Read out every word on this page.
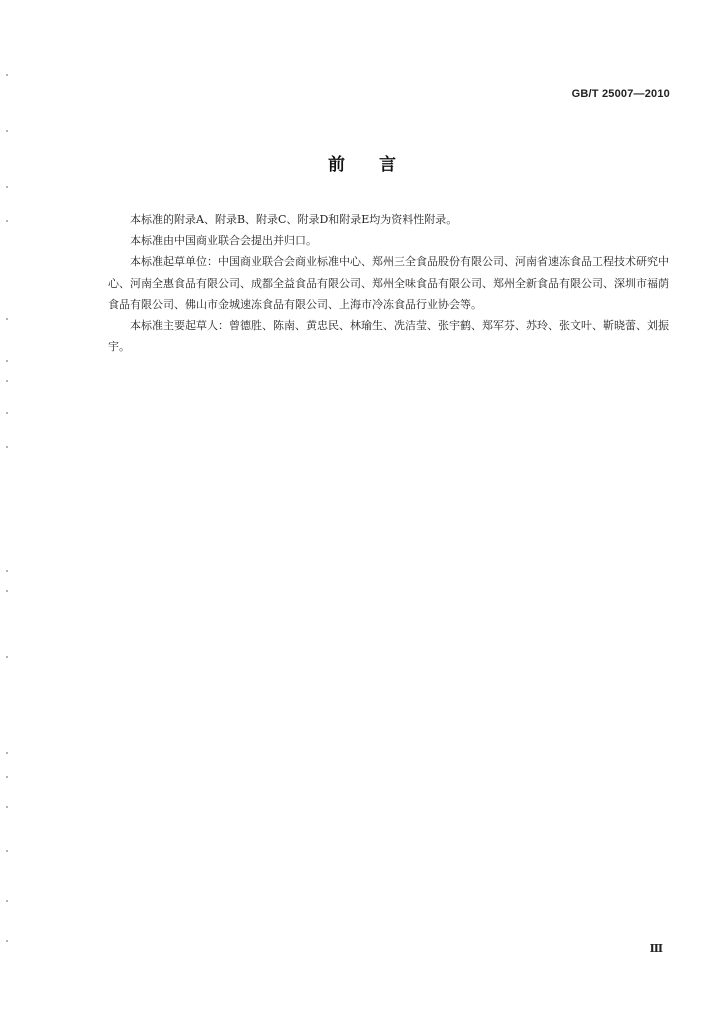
GB/T 25007—2010
前言

本标准的附录A、附录B、附录C、附录D和附录E均为资料性附录。

本标准由中国商业联合会提出并归口。

本标准起草单位：中国商业联合会商业标准中心、郑州三全食品股份有限公司、河南省速冻食品工程技术研究中心、河南全惠食品有限公司、成都全益食品有限公司、郑州全味食品有限公司、郑州全新食品有限公司、深圳市福荫食品有限公司、佛山市金城速冻食品有限公司、上海市冷冻食品行业协会等。

本标准主要起草人：曾德胜、陈南、黄忠民、林瑜生、冼洁莹、张宇鹤、郑军芬、苏玲、张文叶、靳晓蕾、刘振宇。

Ⅲ
